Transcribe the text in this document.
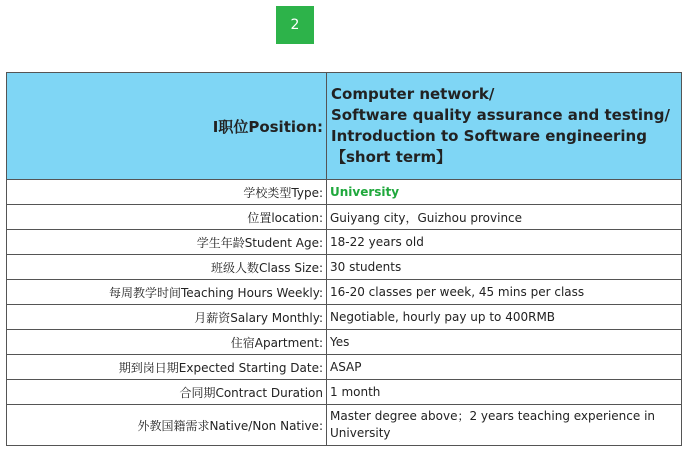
2
I职位Position:	Computer network/
Software quality assurance and testing/
Introduction to Software engineering
【short term】

学校类型Type:	University
位置location:	Guiyang city，Guizhou province
学生年龄Student Age:	18-22 years old
班级人数Class Size:	30 students
每周教学时间Teaching Hours Weekly:	16-20 classes per week, 45 mins per class
月薪资Salary Monthly:	Negotiable, hourly pay up to 400RMB
住宿Apartment:	Yes
期到岗日期Expected Starting Date:	ASAP
合同期Contract Duration	1 month
外教国籍需求Native/Non Native:	Master degree above；2 years teaching experience in University
